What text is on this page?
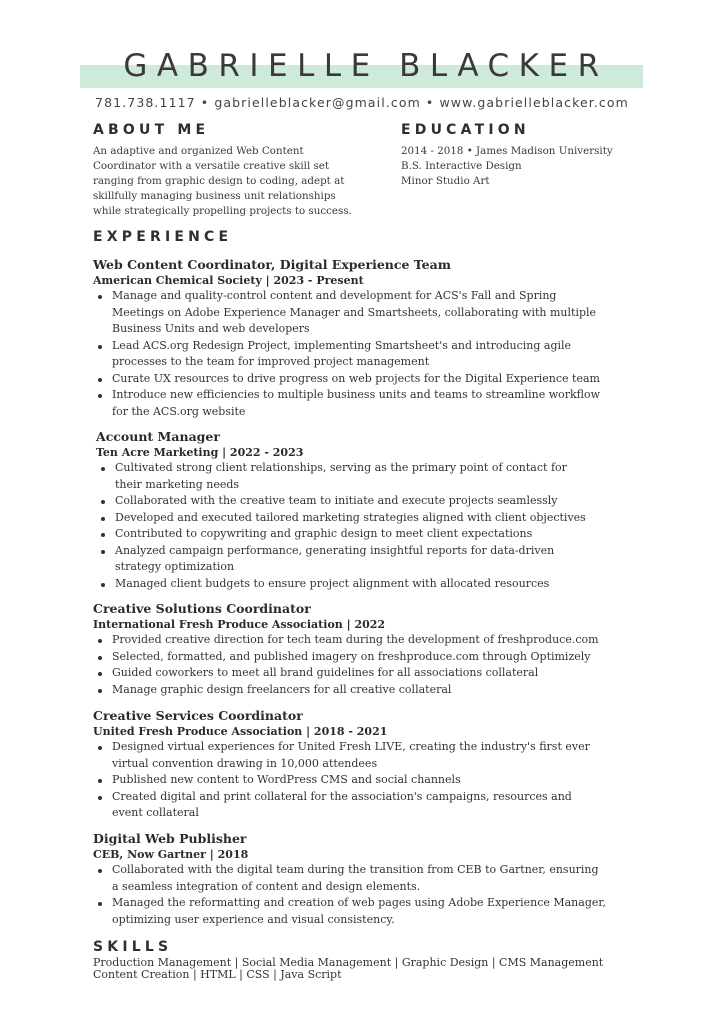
GABRIELLE BLACKER
781.738.1117 • gabrielleblacker@gmail.com • www.gabrielleblacker.com
ABOUT ME
An adaptive and organized Web Content
Coordinator with a versatile creative skill set
ranging from graphic design to coding, adept at
skillfully managing business unit relationships
while strategically propelling projects to success.
EDUCATION
2014 - 2018 • James Madison University
B.S. Interactive Design
Minor Studio Art
EXPERIENCE
Web Content Coordinator, Digital Experience Team
American Chemical Society | 2023 - Present
Manage and quality-control content and development for ACS's Fall and Spring
Meetings on Adobe Experience Manager and Smartsheets, collaborating with multiple
Business Units and web developers
Lead ACS.org Redesign Project, implementing Smartsheet's and introducing agile
processes to the team for improved project management
Curate UX resources to drive progress on web projects for the Digital Experience team
Introduce new efficiencies to multiple business units and teams to streamline workflow
for the ACS.org website
Account Manager
Ten Acre Marketing | 2022 - 2023
Cultivated strong client relationships, serving as the primary point of contact for
their marketing needs
Collaborated with the creative team to initiate and execute projects seamlessly
Developed and executed tailored marketing strategies aligned with client objectives
Contributed to copywriting and graphic design to meet client expectations
Analyzed campaign performance, generating insightful reports for data-driven
strategy optimization
Managed client budgets to ensure project alignment with allocated resources
Creative Solutions Coordinator
International Fresh Produce Association | 2022
Provided creative direction for tech team during the development of freshproduce.com
Selected, formatted, and published imagery on freshproduce.com through Optimizely
Guided coworkers to meet all brand guidelines for all associations collateral
Manage graphic design freelancers for all creative collateral
Creative Services Coordinator
United Fresh Produce Association | 2018 - 2021
Designed virtual experiences for United Fresh LIVE, creating the industry's first ever
virtual convention drawing in 10,000 attendees
Published new content to WordPress CMS and social channels
Created digital and print collateral for the association's campaigns, resources and
event collateral
Digital Web Publisher
CEB, Now Gartner | 2018
Collaborated with the digital team during the transition from CEB to Gartner, ensuring
a seamless integration of content and design elements.
Managed the reformatting and creation of web pages using Adobe Experience Manager,
optimizing user experience and visual consistency.
SKILLS
Production Management | Social Media Management | Graphic Design | CMS Management
Content Creation | HTML | CSS | Java Script
